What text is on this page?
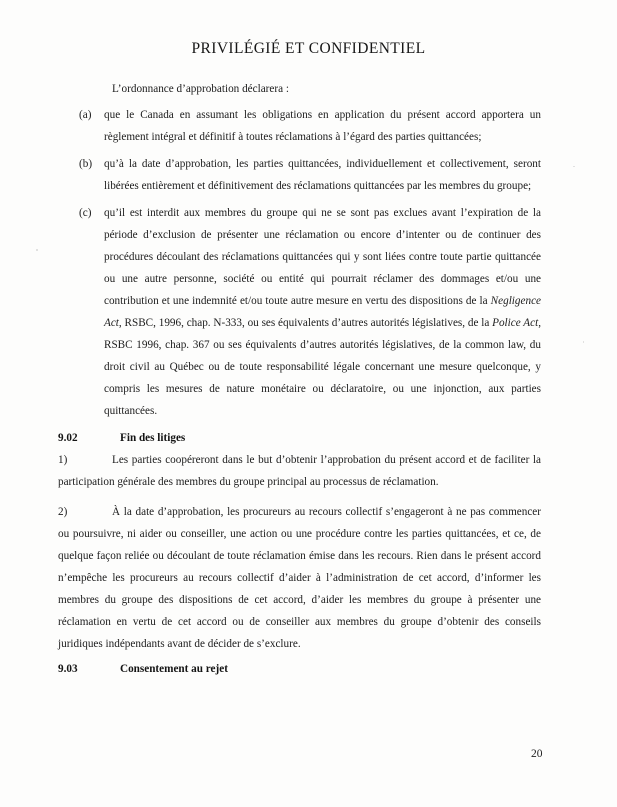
PRIVILÉGIÉ ET CONFIDENTIEL

L’ordonnance d’approbation déclarera :

(a)	que le Canada en assumant les obligations en application du présent accord apportera un règlement intégral et définitif à toutes réclamations à l’égard des parties quittancées;
(b)	qu’à la date d’approbation, les parties quittancées, individuellement et collectivement, seront libérées entièrement et définitivement des réclamations quittancées par les membres du groupe;
(c)	qu’il est interdit aux membres du groupe qui ne se sont pas exclues avant l’expiration de la période d’exclusion de présenter une réclamation ou encore d’intenter ou de continuer des procédures découlant des réclamations quittancées qui y sont liées contre toute partie quittancée ou une autre personne, société ou entité qui pourrait réclamer des dommages et/ou une contribution et une indemnité et/ou toute autre mesure en vertu des dispositions de la Negligence Act, RSBC, 1996, chap. N-333, ou ses équivalents d’autres autorités législatives, de la Police Act, RSBC 1996, chap. 367 ou ses équivalents d’autres autorités législatives, de la common law, du droit civil au Québec ou de toute responsabilité légale concernant une mesure quelconque, y compris les mesures de nature monétaire ou déclaratoire, ou une injonction, aux parties quittancées.
9.02	Fin des litiges

1)	Les parties coopéreront dans le but d’obtenir l’approbation du présent accord et de faciliter la participation générale des membres du groupe principal au processus de réclamation.

2)	À la date d’approbation, les procureurs au recours collectif s’engageront à ne pas commencer ou poursuivre, ni aider ou conseiller, une action ou une procédure contre les parties quittancées, et ce, de quelque façon reliée ou découlant de toute réclamation émise dans les recours. Rien dans le présent accord n’empêche les procureurs au recours collectif d’aider à l’administration de cet accord, d’informer les membres du groupe des dispositions de cet accord, d’aider les membres du groupe à présenter une réclamation en vertu de cet accord ou de conseiller aux membres du groupe d’obtenir des conseils juridiques indépendants avant de décider de s’exclure.

9.03	Consentement au rejet
20
